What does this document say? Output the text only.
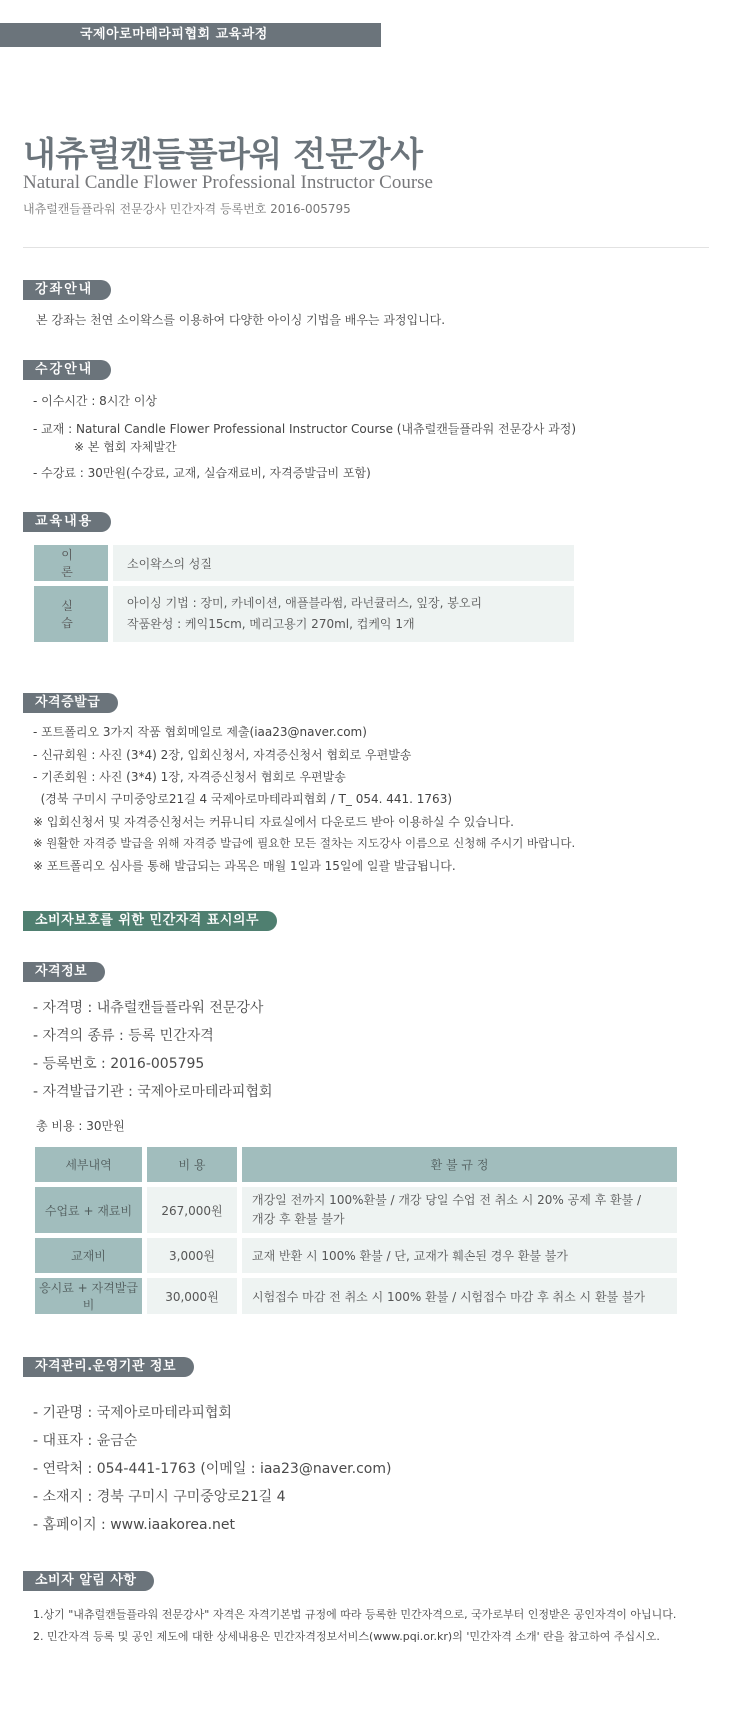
국제아로마테라피협회 교육과정
내츄럴캔들플라워 전문강사
Natural Candle Flower Professional Instructor Course
내츄럴캔들플라워 전문강사 민간자격 등록번호 2016-005795
강좌안내
본 강좌는 천연 소이왁스를 이용하여 다양한 아이싱 기법을 배우는 과정입니다.
수강안내
- 이수시간 : 8시간 이상
- 교재 : Natural Candle Flower Professional Instructor Course (내츄럴캔들플라워 전문강사 과정)
※ 본 협회 자체발간
- 수강료 : 30만원(수강료, 교재, 실습재료비, 자격증발급비 포함)
교육내용
이 론	소이왁스의 성질
실 습	아이싱 기법 : 장미, 카네이션, 애플블라썸, 라넌큘러스, 잎장, 봉오리
작품완성 : 케익15cm, 메리고용기 270ml, 컵케익 1개
자격증발급
- 포트폴리오 3가지 작품 협회메일로 제출(iaa23@naver.com)
- 신규회원 : 사진 (3*4) 2장, 입회신청서, 자격증신청서 협회로 우편발송
- 기존회원 : 사진 (3*4) 1장, 자격증신청서 협회로 우편발송
(경북 구미시 구미중앙로21길 4 국제아로마테라피협회 / T_ 054. 441. 1763)
※ 입회신청서 및 자격증신청서는 커뮤니티 자료실에서 다운로드 받아 이용하실 수 있습니다.
※ 원활한 자격증 발급을 위해 자격증 발급에 필요한 모든 절차는 지도강사 이름으로 신청해 주시기 바랍니다.
※ 포트폴리오 심사를 통해 발급되는 과목은 매월 1일과 15일에 일괄 발급됩니다.
소비자보호를 위한 민간자격 표시의무
자격정보
- 자격명 : 내츄럴캔들플라워 전문강사
- 자격의 종류 : 등록 민간자격
- 등록번호 : 2016-005795
- 자격발급기관 : 국제아로마테라피협회
총 비용 : 30만원
세부내역	비 용	환 불 규 정
수업료 + 재료비	267,000원	개강일 전까지 100%환불 / 개강 당일 수업 전 취소 시 20% 공제 후 환불 /
개강 후 환불 불가

교재비	3,000원	교재 반환 시 100% 환불 / 단, 교재가 훼손된 경우 환불 불가
응시료 + 자격발급비	30,000원	시험접수 마감 전 취소 시 100% 환불 / 시험접수 마감 후 취소 시 환불 불가
자격관리.운영기관 정보
- 기관명 : 국제아로마테라피협회
- 대표자 : 윤금순
- 연락처 : 054-441-1763 (이메일 : iaa23@naver.com)
- 소재지 : 경북 구미시 구미중앙로21길 4
- 홈페이지 : www.iaakorea.net
소비자 알림 사항
1.상기 "내츄럴캔들플라워 전문강사" 자격은 자격기본법 규정에 따라 등록한 민간자격으로, 국가로부터 인정받은 공인자격이 아닙니다.
2. 민간자격 등록 및 공인 제도에 대한 상세내용은 민간자격정보서비스(www.pqi.or.kr)의 '민간자격 소개' 란을 참고하여 주십시오.
